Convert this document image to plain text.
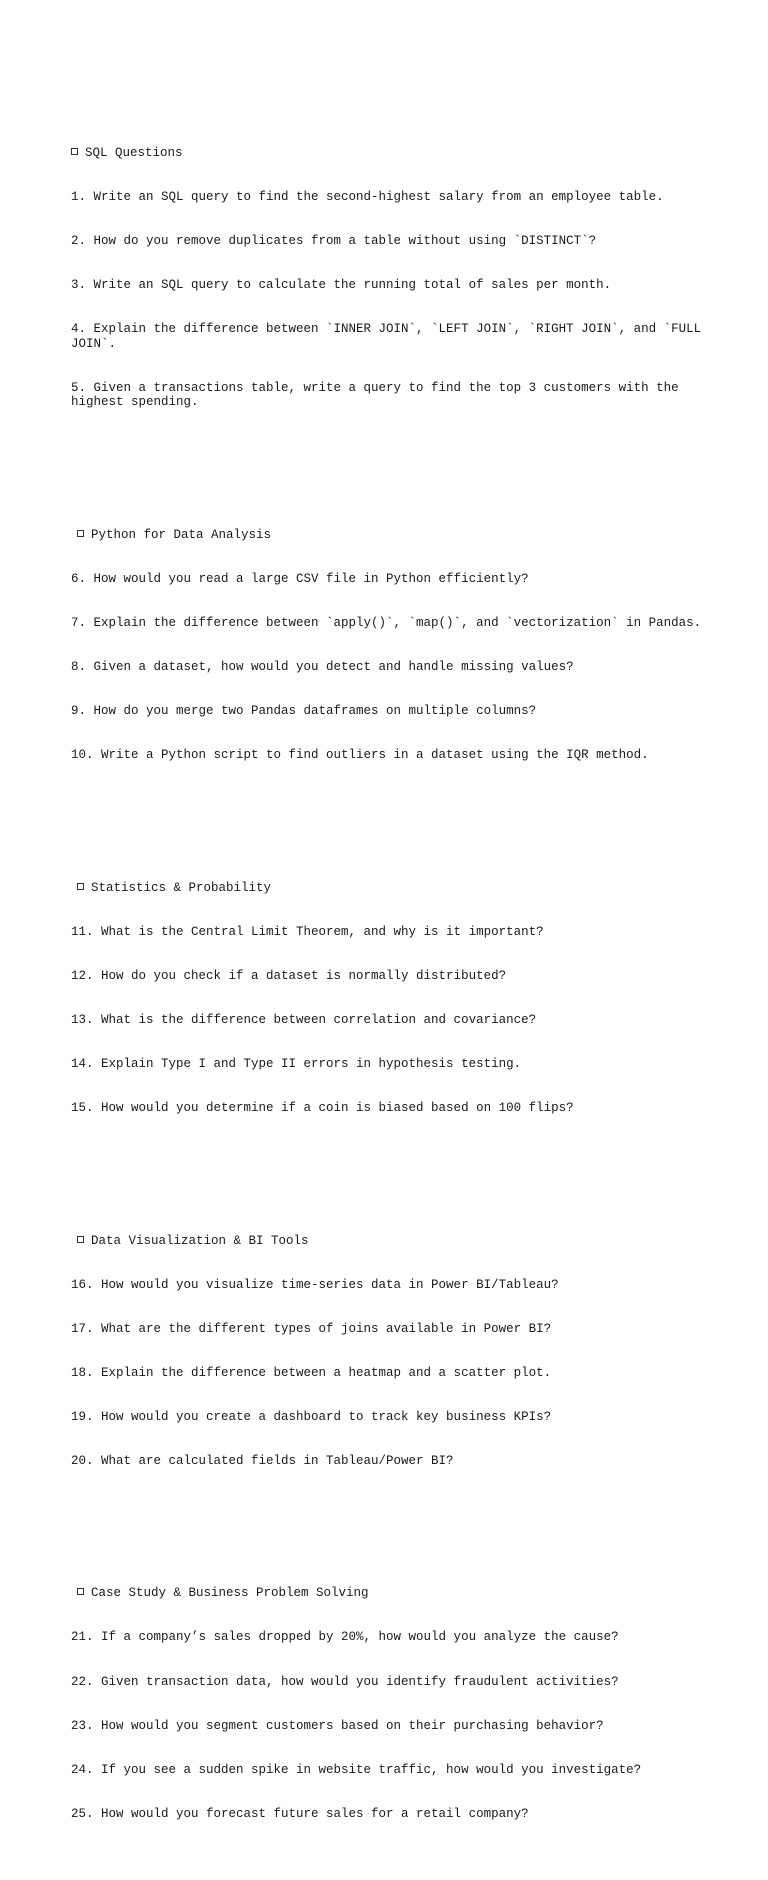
SQL Questions

1. Write an SQL query to find the second-highest salary from an employee table.

2. How do you remove duplicates from a table without using `DISTINCT`?

3. Write an SQL query to calculate the running total of sales per month.

4. Explain the difference between `INNER JOIN`, `LEFT JOIN`, `RIGHT JOIN`, and `FULL JOIN`.

5. Given a transactions table, write a query to find the top 3 customers with the highest spending.

Python for Data Analysis

6. How would you read a large CSV file in Python efficiently?

7. Explain the difference between `apply()`, `map()`, and `vectorization` in Pandas.

8. Given a dataset, how would you detect and handle missing values?

9. How do you merge two Pandas dataframes on multiple columns?

10. Write a Python script to find outliers in a dataset using the IQR method.

Statistics & Probability

11. What is the Central Limit Theorem, and why is it important?

12. How do you check if a dataset is normally distributed?

13. What is the difference between correlation and covariance?

14. Explain Type I and Type II errors in hypothesis testing.

15. How would you determine if a coin is biased based on 100 flips?

Data Visualization & BI Tools

16. How would you visualize time-series data in Power BI/Tableau?

17. What are the different types of joins available in Power BI?

18. Explain the difference between a heatmap and a scatter plot.

19. How would you create a dashboard to track key business KPIs?

20. What are calculated fields in Tableau/Power BI?

Case Study & Business Problem Solving

21. If a company’s sales dropped by 20%, how would you analyze the cause?

22. Given transaction data, how would you identify fraudulent activities?

23. How would you segment customers based on their purchasing behavior?

24. If you see a sudden spike in website traffic, how would you investigate?

25. How would you forecast future sales for a retail company?
